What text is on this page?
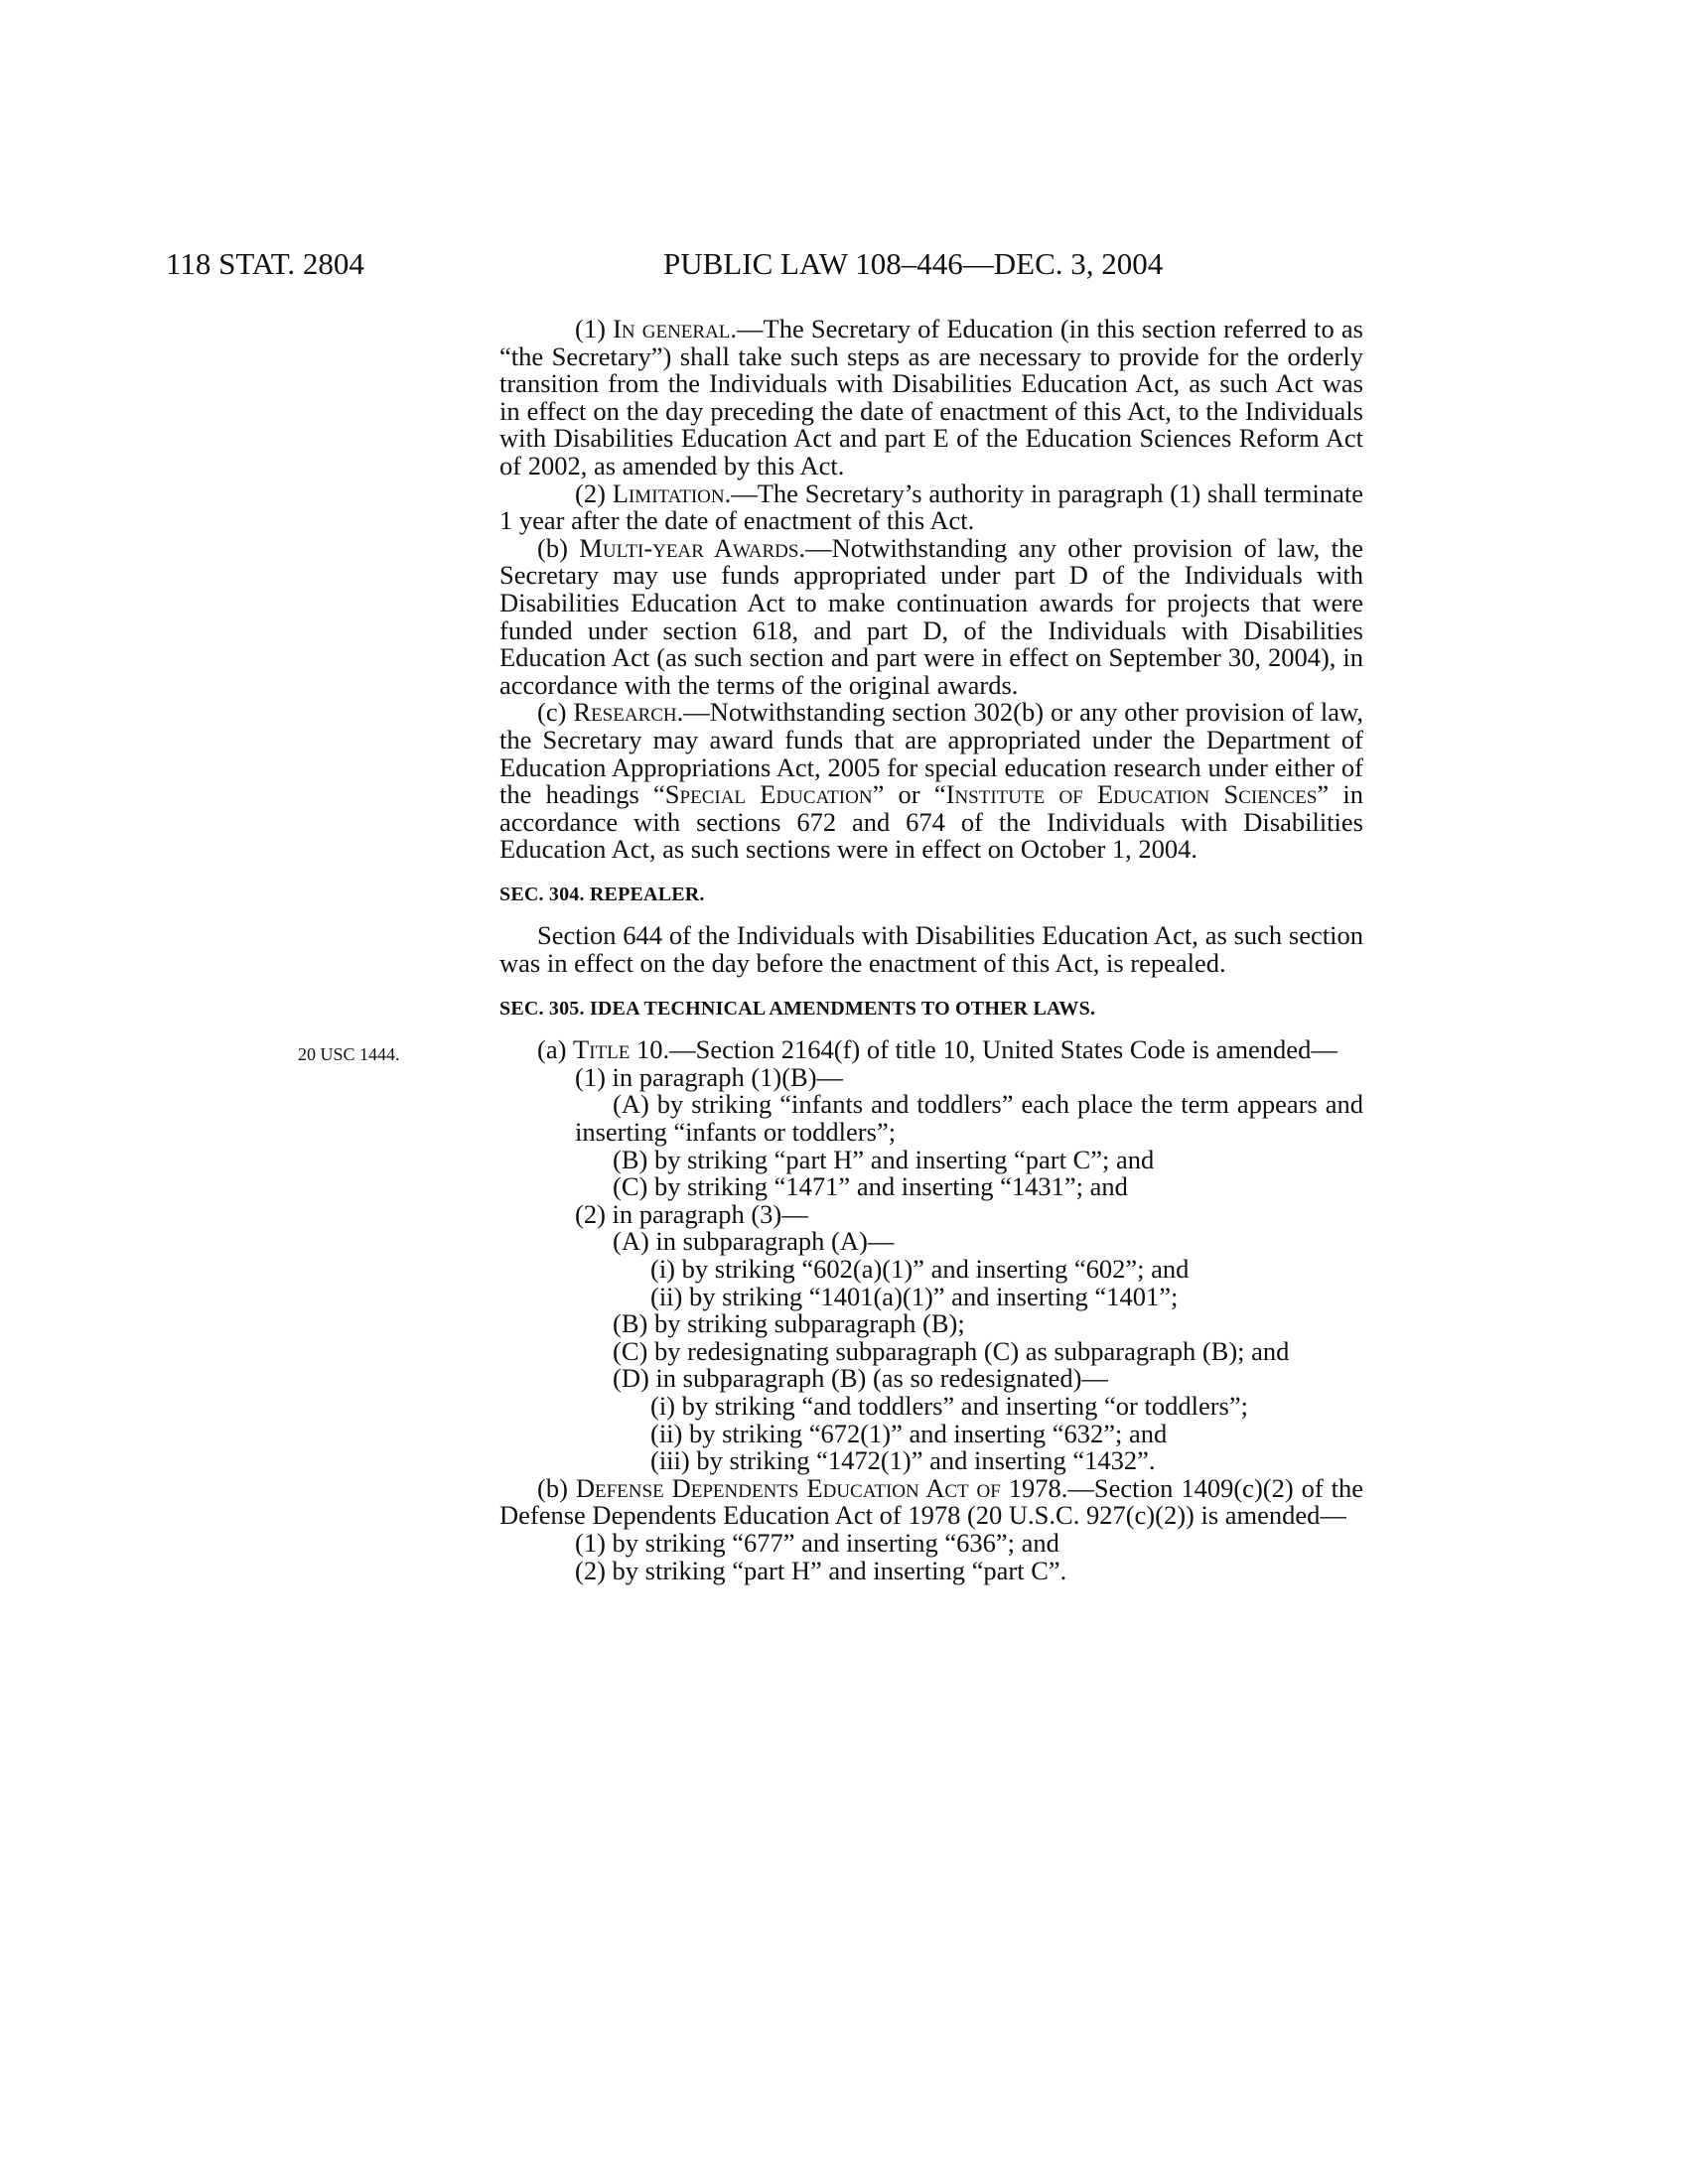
118 STAT. 2804	PUBLIC LAW 108–446—DEC. 3, 2004
20 USC 1444.

(1) In general.—The Secretary of Education (in this section referred to as “the Secretary”) shall take such steps as are necessary to provide for the orderly transition from the Individuals with Disabilities Education Act, as such Act was in effect on the day preceding the date of enactment of this Act, to the Individuals with Disabilities Education Act and part E of the Education Sciences Reform Act of 2002, as amended by this Act.

(2) Limitation.—The Secretary’s authority in paragraph (1) shall terminate 1 year after the date of enactment of this Act.

(b) Multi-year Awards.—Notwithstanding any other provision of law, the Secretary may use funds appropriated under part D of the Individuals with Disabilities Education Act to make continuation awards for projects that were funded under section 618, and part D, of the Individuals with Disabilities Education Act (as such section and part were in effect on September 30, 2004), in accordance with the terms of the original awards.

(c) Research.—Notwithstanding section 302(b) or any other provision of law, the Secretary may award funds that are appropriated under the Department of Education Appropriations Act, 2005 for special education research under either of the headings “Special Education” or “Institute of Education Sciences” in accordance with sections 672 and 674 of the Individuals with Disabilities Education Act, as such sections were in effect on October 1, 2004.

SEC. 304. REPEALER.

Section 644 of the Individuals with Disabilities Education Act, as such section was in effect on the day before the enactment of this Act, is repealed.

SEC. 305. IDEA TECHNICAL AMENDMENTS TO OTHER LAWS.

(a) Title 10.—Section 2164(f) of title 10, United States Code is amended—

(1) in paragraph (1)(B)—

(A) by striking “infants and toddlers” each place the term appears and inserting “infants or toddlers”;

(B) by striking “part H” and inserting “part C”; and

(C) by striking “1471” and inserting “1431”; and

(2) in paragraph (3)—

(A) in subparagraph (A)—

(i) by striking “602(a)(1)” and inserting “602”; and

(ii) by striking “1401(a)(1)” and inserting “1401”;

(B) by striking subparagraph (B);

(C) by redesignating subparagraph (C) as subparagraph (B); and

(D) in subparagraph (B) (as so redesignated)—

(i) by striking “and toddlers” and inserting “or toddlers”;

(ii) by striking “672(1)” and inserting “632”; and

(iii) by striking “1472(1)” and inserting “1432”.

(b) Defense Dependents Education Act of 1978.—Section 1409(c)(2) of the Defense Dependents Education Act of 1978 (20 U.S.C. 927(c)(2)) is amended—

(1) by striking “677” and inserting “636”; and

(2) by striking “part H” and inserting “part C”.
